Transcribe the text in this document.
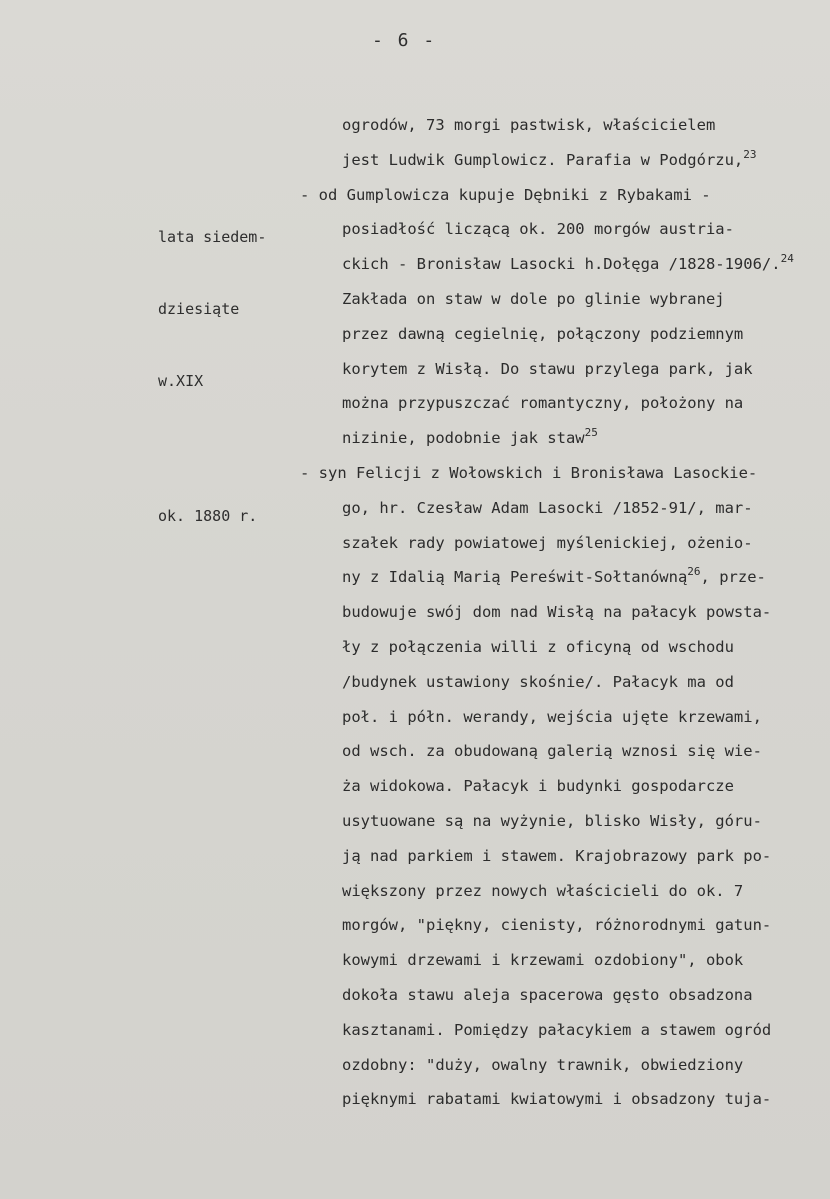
- 6 -

lata siedem-

dziesiąte

w.XIX

ok. 1880 r.

ogrodów, 73 morgi pastwisk, właścicielem
jest Ludwik Gumplowicz. Parafia w Podgórzu,$^{23}$
- od Gumplowicza kupuje Dębniki z Rybakami -
posiadłość liczącą ok. 200 morgów austria-
ckich - Bronisław Lasocki h.Dołęga /1828-1906/.$^{24}$
Zakłada on staw w dole po glinie wybranej
przez dawną cegielnię, połączony podziemnym
korytem z Wisłą. Do stawu przylega park, jak
można przypuszczać romantyczny, położony na
nizinie, podobnie jak staw$^{25}$
- syn Felicji z Wołowskich i Bronisława Lasockie-
go, hr. Czesław Adam Lasocki /1852-91/, mar-
szałek rady powiatowej myślenickiej, ożenio-
ny z Idalią Marią Pereświt-Sołtanówną$^{26}$, prze-
budowuje swój dom nad Wisłą na pałacyk powsta-
ły z połączenia willi z oficyną od wschodu
/budynek ustawiony skośnie/. Pałacyk ma od
poł. i półn. werandy, wejścia ujęte krzewami,
od wsch. za obudowaną galerią wznosi się wie-
ża widokowa. Pałacyk i budynki gospodarcze
usytuowane są na wyżynie, blisko Wisły, góru-
ją nad parkiem i stawem. Krajobrazowy park po-
większony przez nowych właścicieli do ok. 7
morgów, "piękny, cienisty, różnorodnymi gatun-
kowymi drzewami i krzewami ozdobiony", obok
dokoła stawu aleja spacerowa gęsto obsadzona
kasztanami. Pomiędzy pałacykiem a stawem ogród
ozdobny: "duży, owalny trawnik, obwiedziony
pięknymi rabatami kwiatowymi i obsadzony tuja-
